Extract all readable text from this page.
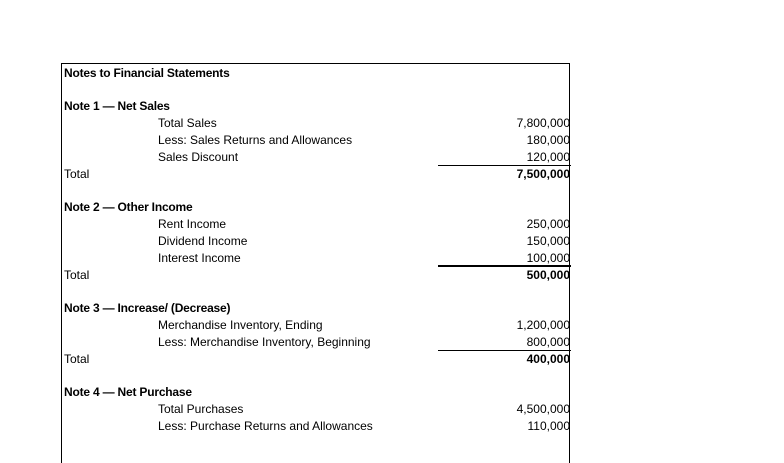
Notes to Financial Statements
Note 1 — Net Sales
Total Sales	7,800,000
Less: Sales Returns and Allowances	180,000
Sales Discount	120,000
Total	7,500,000
Note 2 — Other Income
Rent Income	250,000
Dividend Income	150,000
Interest Income	100,000
Total	500,000
Note 3 — Increase/ (Decrease)
Merchandise Inventory, Ending	1,200,000
Less: Merchandise Inventory, Beginning	800,000
Total	400,000
Note 4 — Net Purchase
Total Purchases	4,500,000
Less: Purchase Returns and Allowances	110,000
